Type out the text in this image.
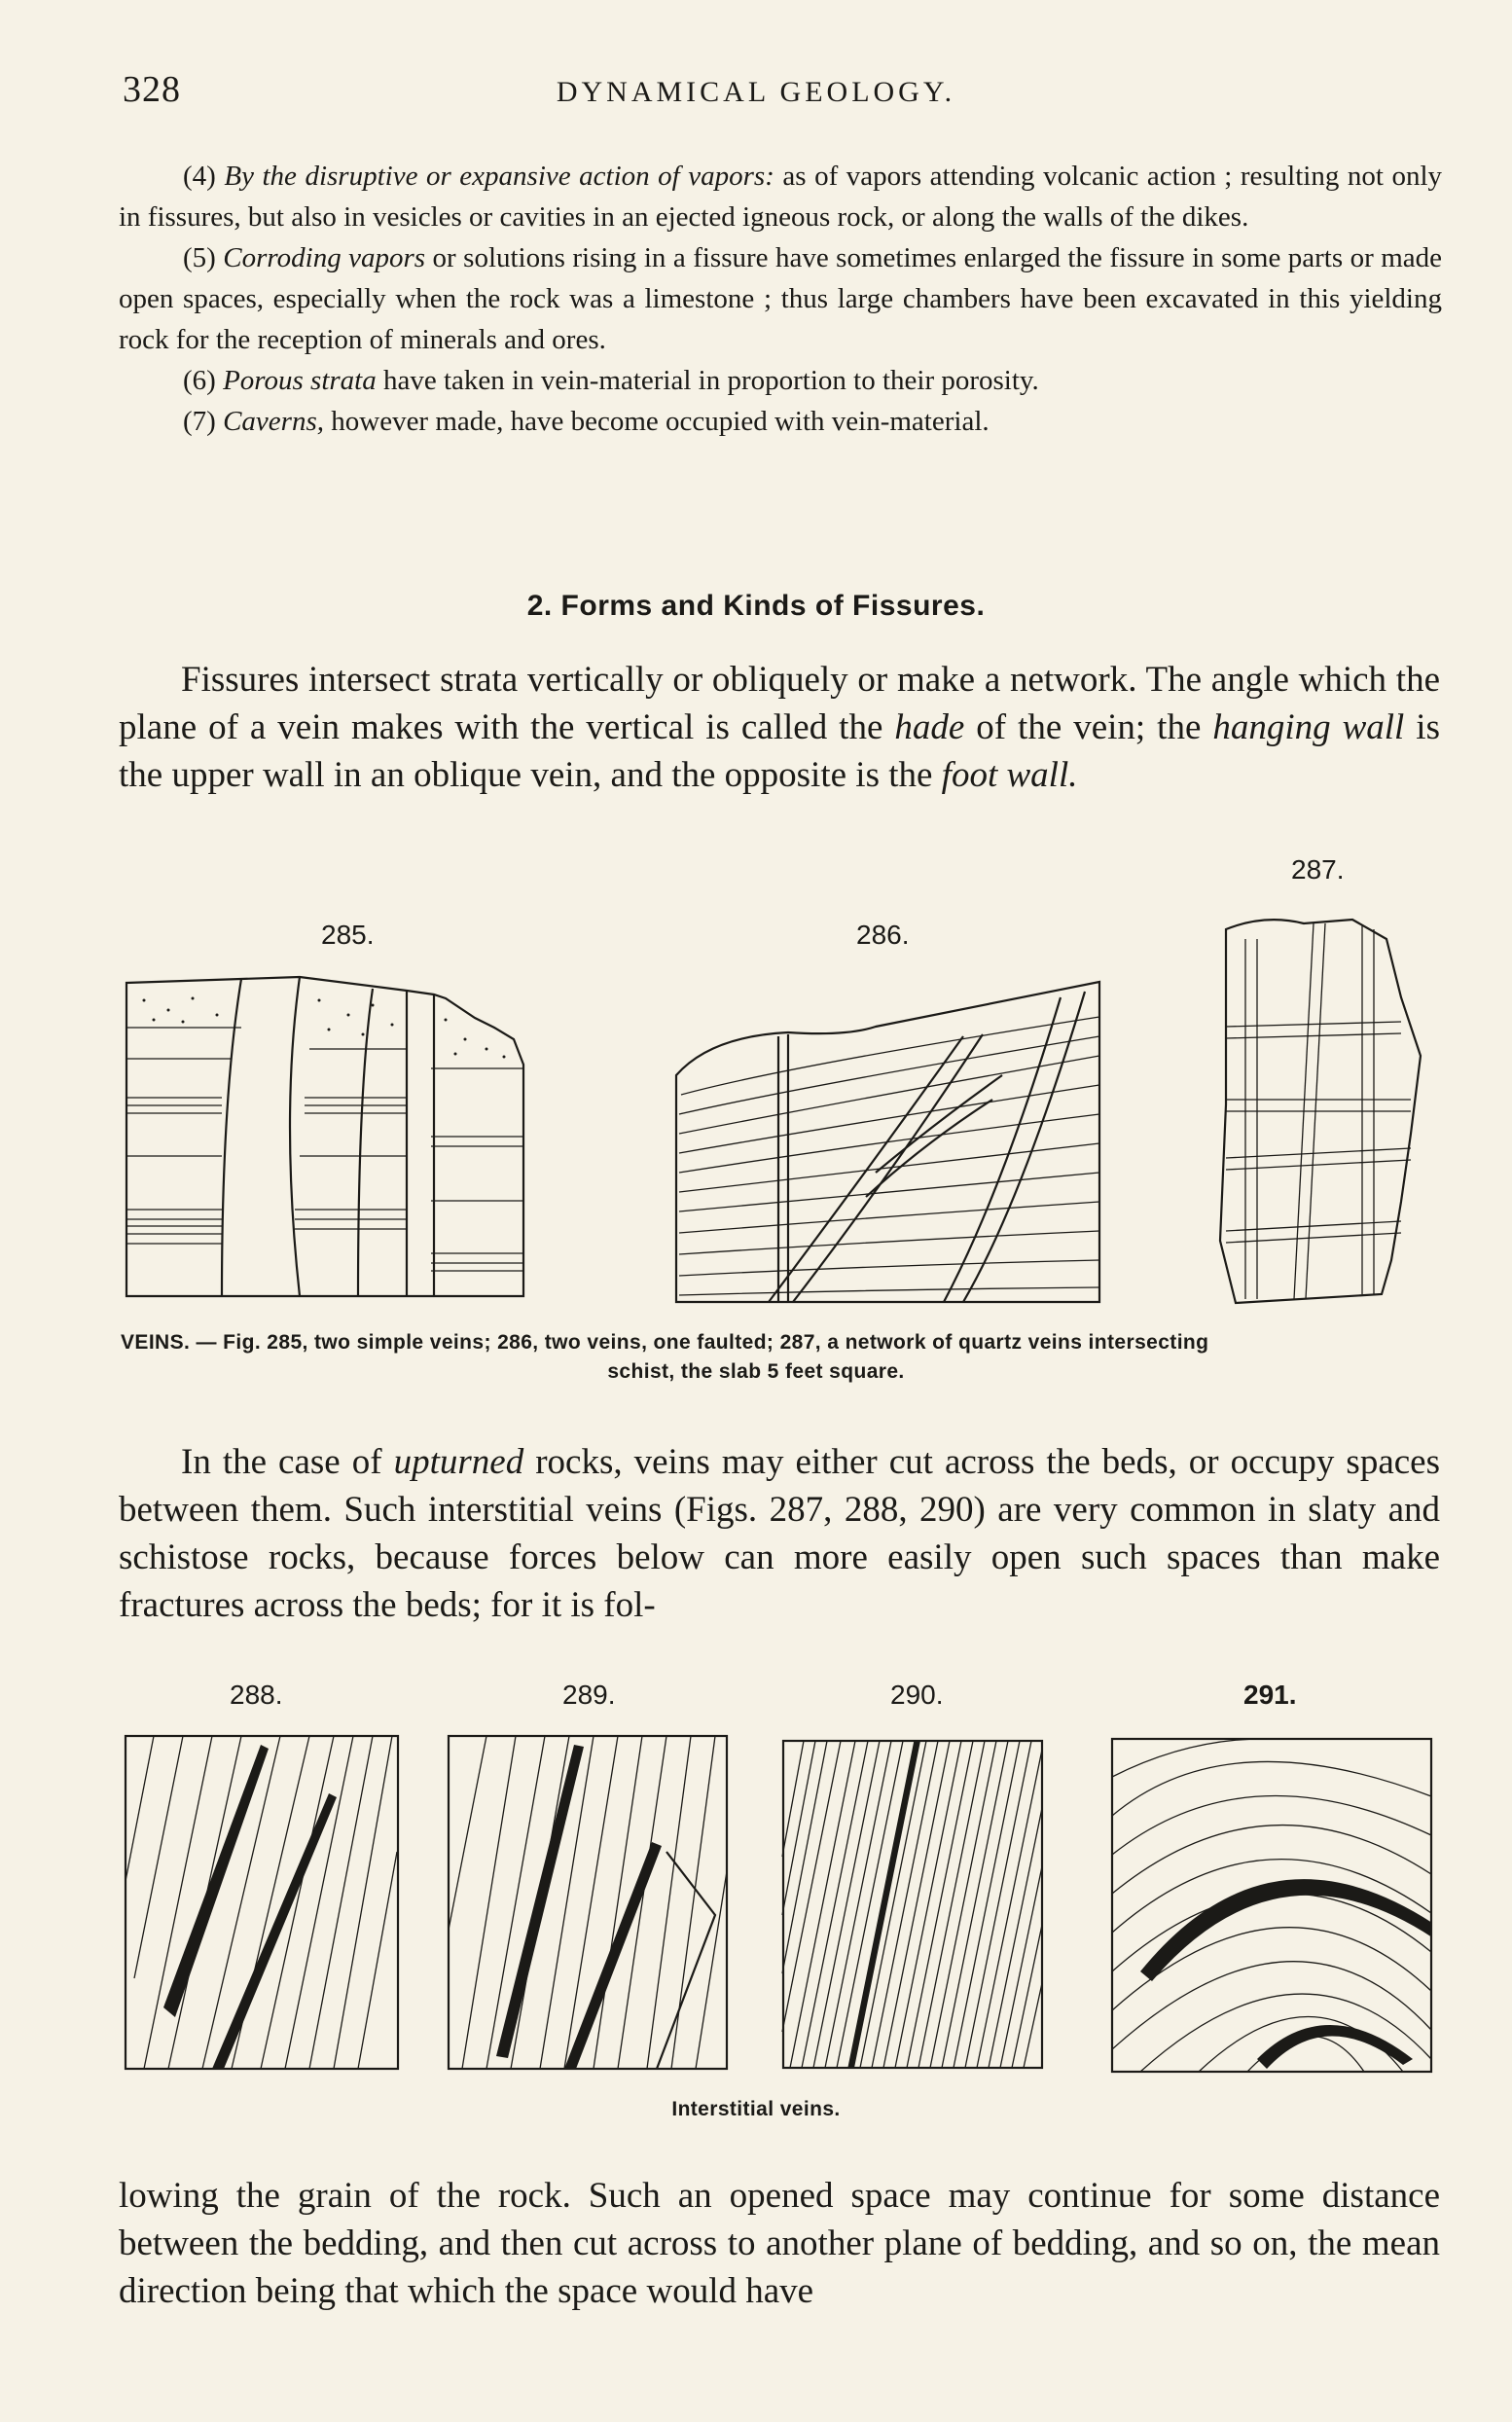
328	DYNAMICAL GEOLOGY.

(4) By the disruptive or expansive action of vapors: as of vapors attending volcanic action ; resulting not only in fissures, but also in vesicles or cavities in an ejected igneous rock, or along the walls of the dikes.

(5) Corroding vapors or solutions rising in a fissure have sometimes enlarged the fissure in some parts or made open spaces, especially when the rock was a limestone ; thus large chambers have been excavated in this yielding rock for the reception of minerals and ores.

(6) Porous strata have taken in vein-material in proportion to their porosity.

(7) Caverns, however made, have become occupied with vein-material.

2. Forms and Kinds of Fissures.

Fissures intersect strata vertically or obliquely or make a network. The angle which the plane of a vein makes with the vertical is called the hade of the vein; the hanging wall is the upper wall in an oblique vein, and the opposite is the foot wall.

285.	286.
287.
VEINS. — Fig. 285, two simple veins; 286, two veins, one faulted; 287, a network of quartz veins intersecting
schist, the slab 5 feet square.

In the case of upturned rocks, veins may either cut across the beds, or occupy spaces between them. Such interstitial veins (Figs. 287, 288, 290) are very common in slaty and schistose rocks, because forces below can more easily open such spaces than make fractures across the beds; for it is fol-

288.	289.	290.	291.
Interstitial veins.

lowing the grain of the rock. Such an opened space may continue for some distance between the bedding, and then cut across to another plane of bedding, and so on, the mean direction being that which the space would have
